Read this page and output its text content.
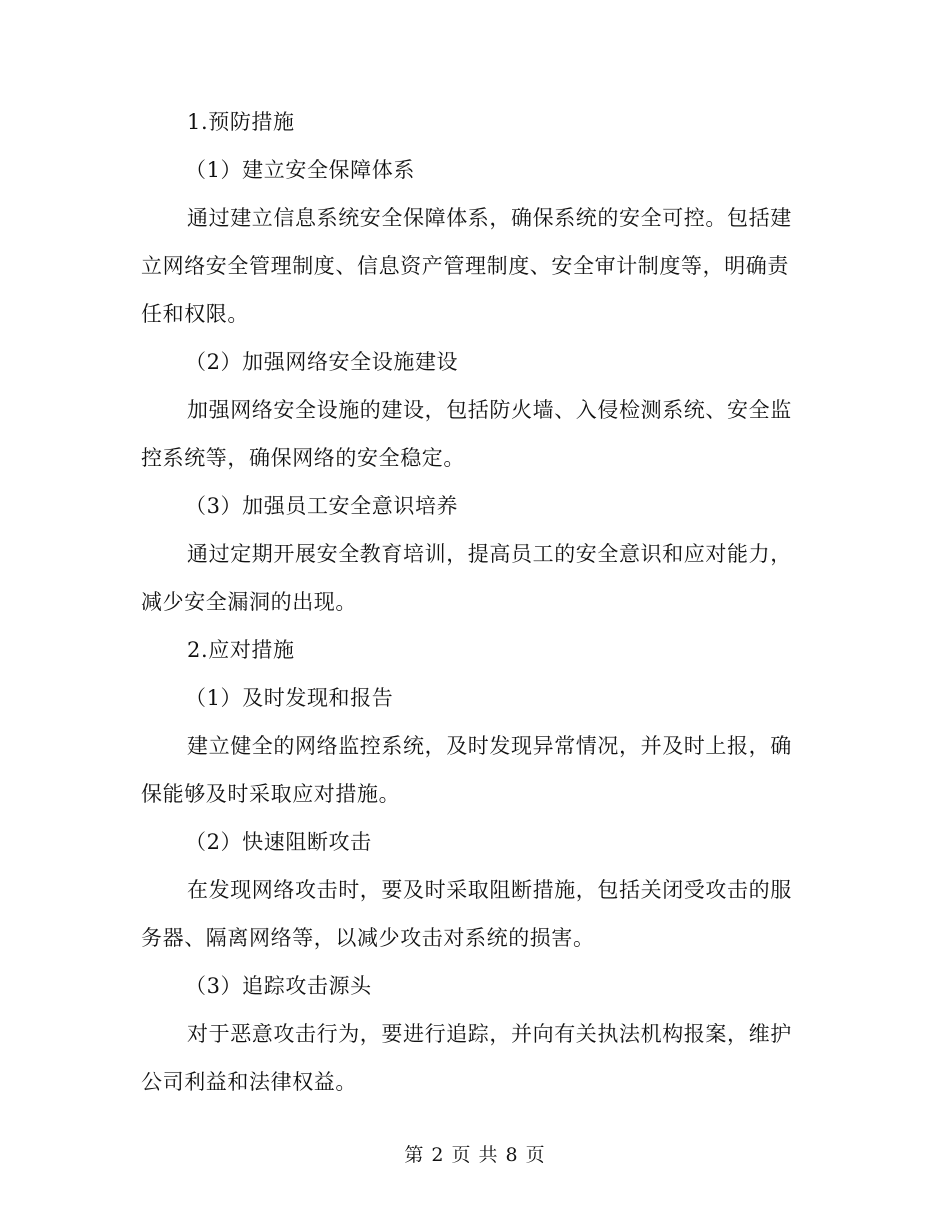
1.预防措施
（1）建立安全保障体系
通过建立信息系统安全保障体系，确保系统的安全可控。包括建
立网络安全管理制度、信息资产管理制度、安全审计制度等，明确责
任和权限。
（2）加强网络安全设施建设
加强网络安全设施的建设，包括防火墙、入侵检测系统、安全监
控系统等，确保网络的安全稳定。
（3）加强员工安全意识培养
通过定期开展安全教育培训，提高员工的安全意识和应对能力，
减少安全漏洞的出现。
2.应对措施
（1）及时发现和报告
建立健全的网络监控系统，及时发现异常情况，并及时上报，确
保能够及时采取应对措施。
（2）快速阻断攻击
在发现网络攻击时，要及时采取阻断措施，包括关闭受攻击的服
务器、隔离网络等，以减少攻击对系统的损害。
（3）追踪攻击源头
对于恶意攻击行为，要进行追踪，并向有关执法机构报案，维护
公司利益和法律权益。
第 2 页 共 8 页
